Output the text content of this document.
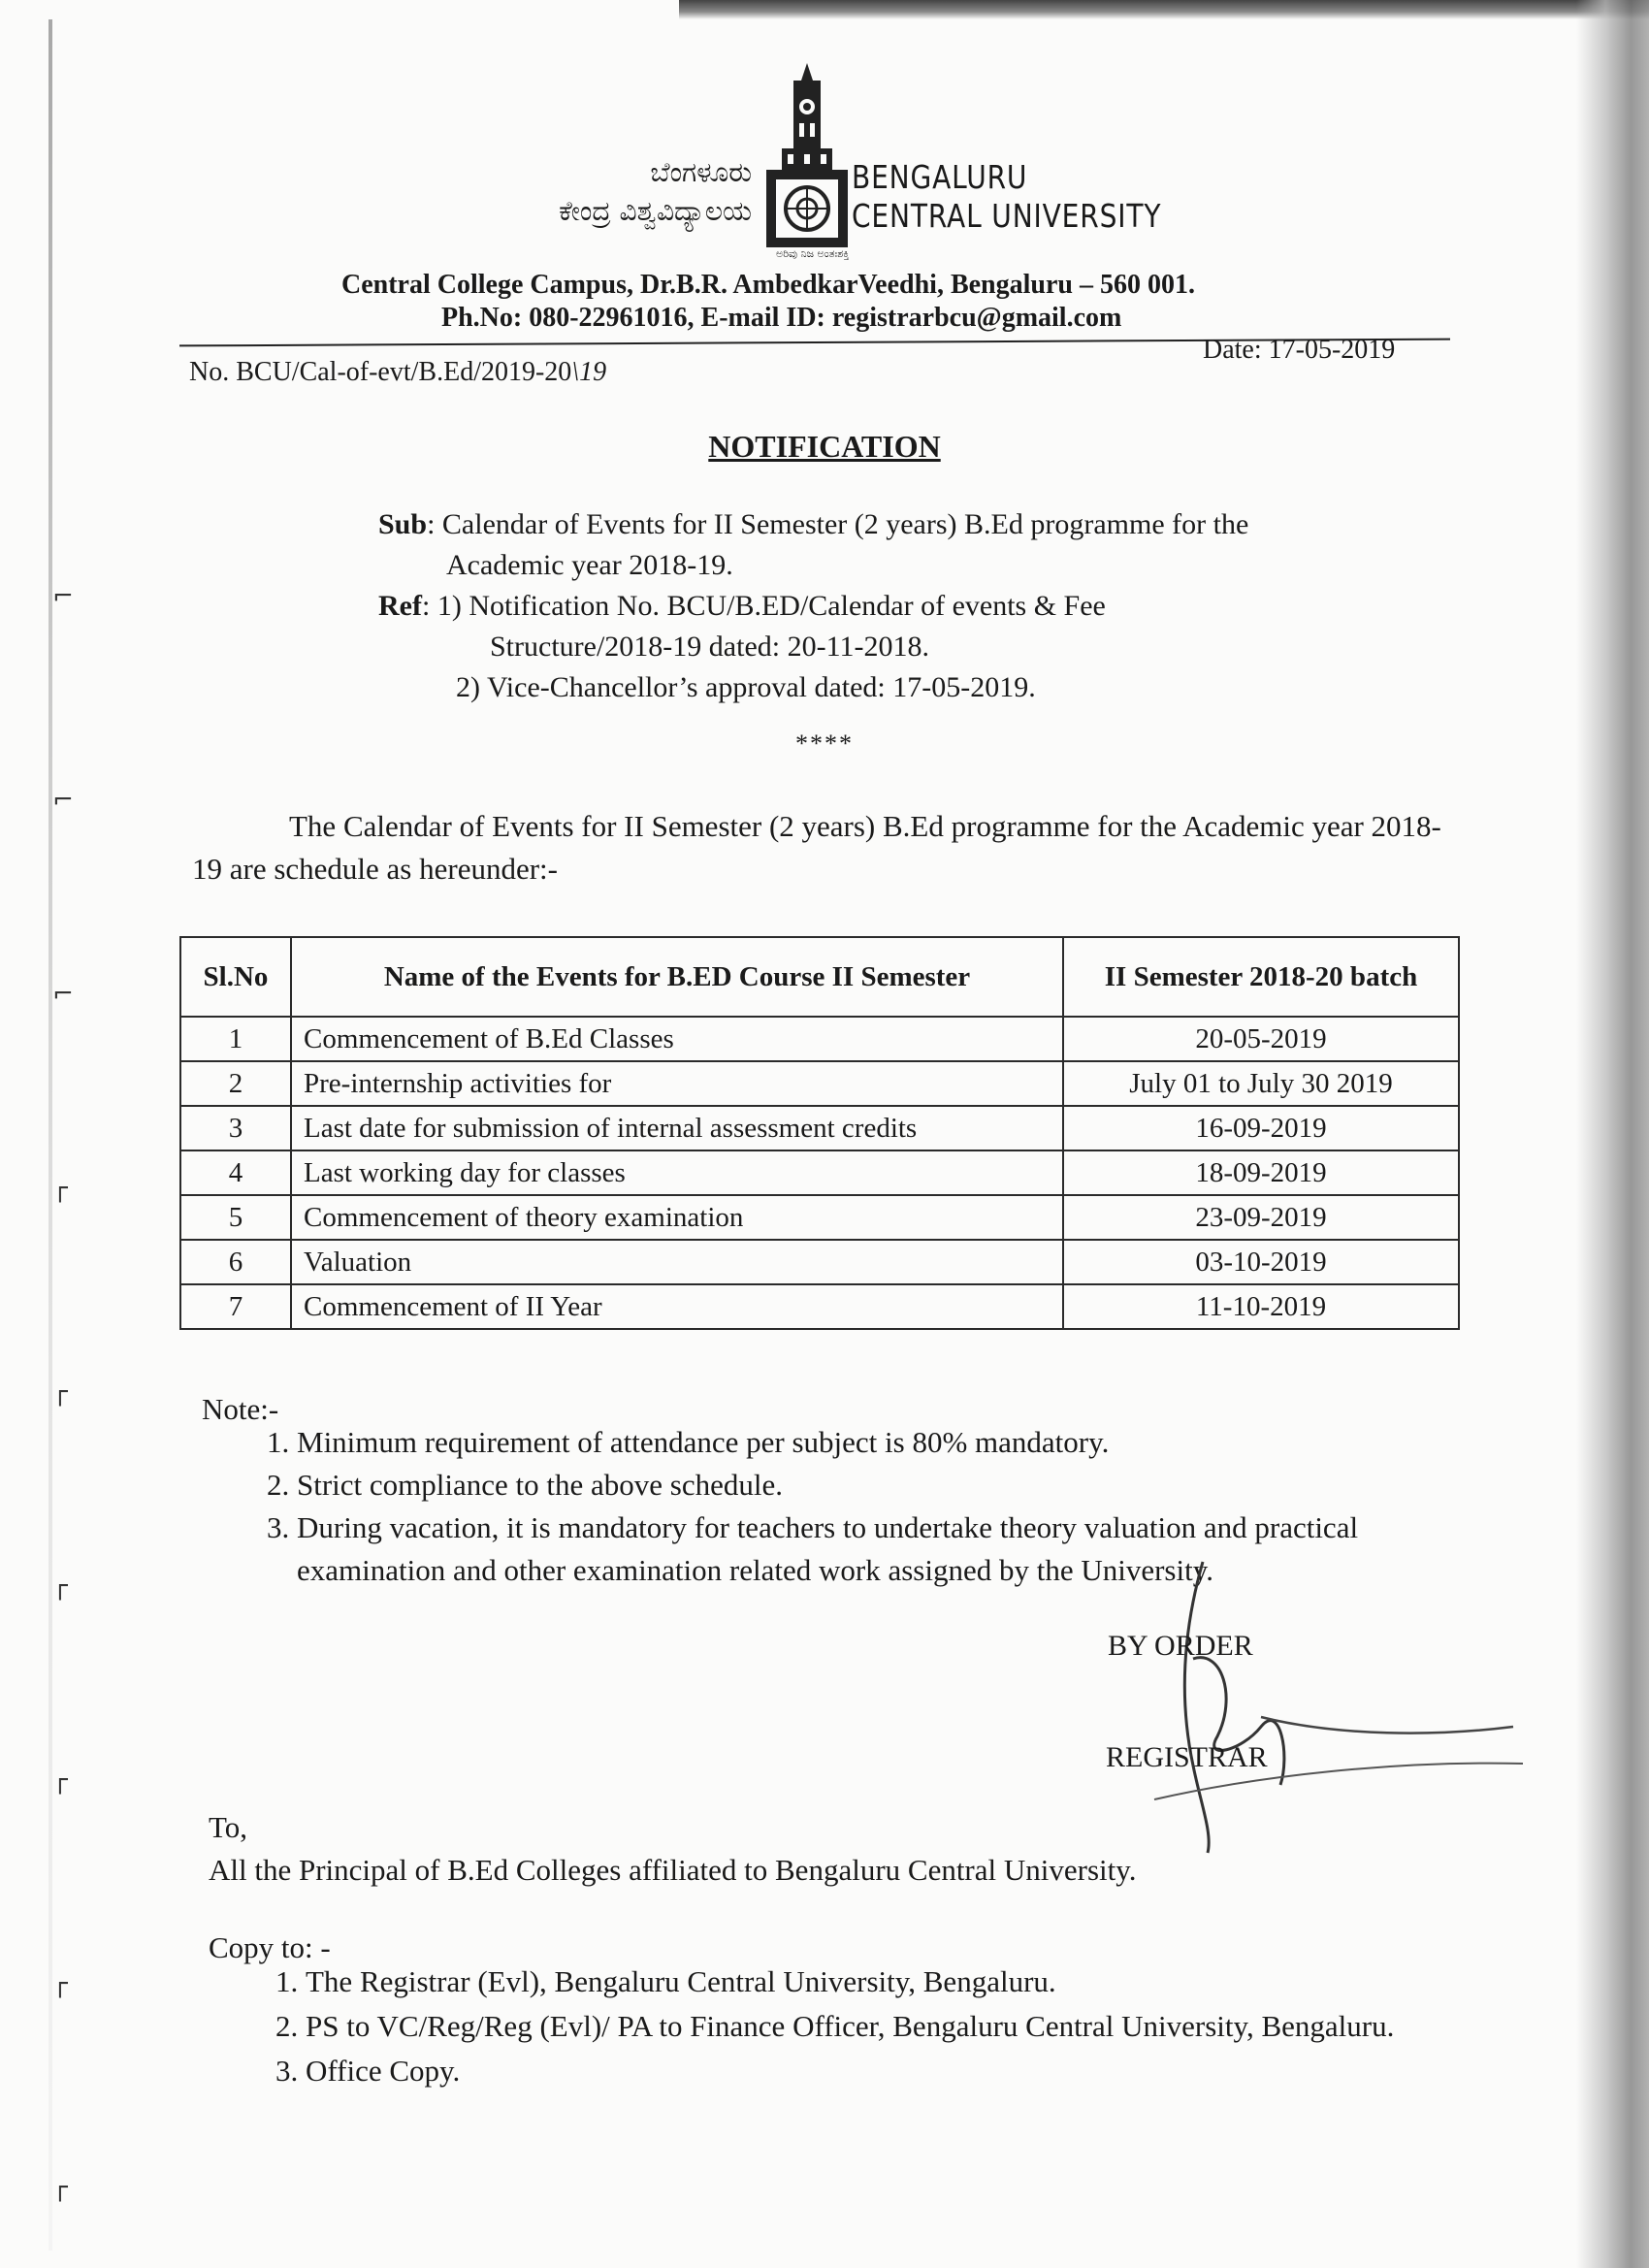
⌐
⌐
⌐
┌
┌
┌
┌
┌
┌
ಬೆಂಗಳೂರು
ಕೇಂದ್ರ ವಿಶ್ವವಿದ್ಯಾಲಯ
BENGALURU
CENTRAL UNIVERSITY
ಅರಿವು ನಿಜ ಅಂತಃಶಕ್ತಿ
Central College Campus, Dr.B.R. AmbedkarVeedhi, Bengaluru – 560 001.
Ph.No: 080-22961016, E-mail ID: registrarbcu@gmail.com
No. BCU/Cal-of-evt/B.Ed/2019-20\19
Date: 17-05-2019
NOTIFICATION
Sub: Calendar of Events for II Semester (2 years) B.Ed programme for the
Academic year 2018-19.
Ref: 1) Notification No. BCU/B.ED/Calendar of events & Fee
Structure/2018-19 dated: 20-11-2018.
2) Vice-Chancellor’s approval dated: 17-05-2019.
****
The Calendar of Events for II Semester (2 years) B.Ed programme for the Academic year 2018-19 are schedule as hereunder:-
Sl.No	Name of the Events for B.ED Course II Semester	II Semester 2018-20 batch
1	Commencement of B.Ed Classes	20-05-2019
2	Pre-internship activities for	July 01 to July 30 2019
3	Last date for submission of internal assessment credits	16-09-2019
4	Last working day for classes	18-09-2019
5	Commencement of theory examination	23-09-2019
6	Valuation	03-10-2019
7	Commencement of II Year	11-10-2019
Note:-
1. Minimum requirement of attendance per subject is 80% mandatory.
2. Strict compliance to the above schedule.
3. During vacation, it is mandatory for teachers to undertake theory valuation and practical examination and other examination related work assigned by the University.
BY ORDER
REGISTRAR
To,
All the Principal of B.Ed Colleges affiliated to Bengaluru Central University.
Copy to: -
1. The Registrar (Evl), Bengaluru Central University, Bengaluru.
2. PS to VC/Reg/Reg (Evl)/ PA to Finance Officer, Bengaluru Central University, Bengaluru.
3. Office Copy.
